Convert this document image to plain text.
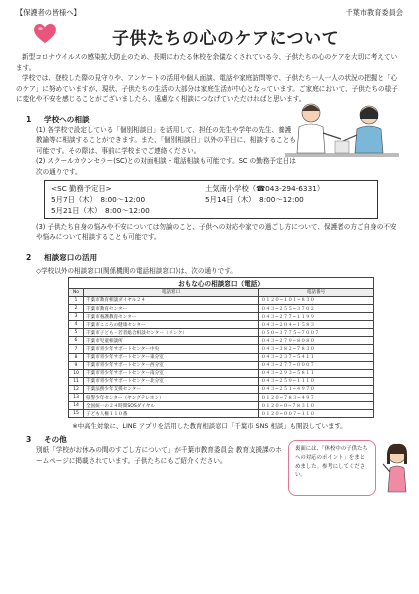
【保護者の皆様へ】	千葉市教育委員会
子供たちの心のケアについて

新型コロナウイルスの感染拡大防止のため、長期にわたる休校を余儀なくされている今、子供たちの心のケアを大切に考えています。

学校では、登校した際の見守りや、アンケートの活用や個人面談、電話や家庭訪問等で、子供たち一人一人の状況の把握と「心のケア」に努めていますが、現状、子供たちの生活の大部分は家庭生活が中心となっています。ご家庭において、子供たちの様子に変化や不安を感じることがございましたら、遠慮なく相談につなげていただければと思います。

1 学校への相談
(1) 各学校で設定している「個別相談日」を活用して、担任の先生や学年の先生、養護教諭等に相談することができます。また、「個別相談日」以外の平日に、相談することも可能です。その際は、事前に学校までご連絡ください。
(2) スクールカウンセラー(SC)との対面相談・電話相談も可能です。SC の勤務予定日は次の通りです。
<SC 勤務予定日>	土気南小学校（☎043-294-6331）
5月7日（木）　8:00〜12:00	5月14日（木）　8:00〜12:00
5月21日（木）　8:00〜12:00
(3) 子供たち自身の悩みや不安については勿論のこと、子供への対応や家での過ごし方について、保護者の方ご自身の不安や悩みについて相談することも可能です。
2 相談窓口の活用
◇学校以外の相談窓口(関係機関の電話相談窓口)は、次の通りです。
おもな心の相談窓口（電話）		
No	電話窓口	電話番号
1	千葉市教育相談ダイヤル２４	０１２０−１０１−８３０
2	千葉市教育センター	０４３−２５５−３７０２
3	千葉市養護教育センター	０４３−２７７−１１９９
4	千葉市こころの健康センター	０４３−２０４−１５８３
5	千葉市子ども・若者総合相談センター（リンク）	０５０−３７７５−７００７
6	千葉市児童相談所	０４３−２７９−８０８０
7	千葉市青少年サポートセンター中央	０４３−３８２−７８３０
8	千葉市青少年サポートセンター東分室	０４３−２３７−５４１１
9	千葉市青少年サポートセンター西分室	０４３−２７７−０００７
10	千葉市青少年サポートセンター南分室	０４３−２９３−５８１１
11	千葉市青少年サポートセンター北分室	０４３−２５９−１１１０
12	千葉法務少年支援センター	０４３−２５１−４９７０
13	県警少年センター（ヤングテレホン）	０１２０−７８３−４９７
14	全国統一の２４時間SOSダイヤル	０１２０−０−７８３１０
15	子ども人権１１０番	０１２０−００７−１１０
※中高生対象に、LINE アプリを活用した教育相談窓口「千葉市 SNS 相談」も開設しています。
3 その他
別紙「学校がお休みの間のすごし方について」が千葉市教育委員会 教育支援課のホームページに掲載されています。子供たちにもご紹介ください。
裏面には、「休校中の子供たちへの対応のポイント」をまとめました。参考にしてください。
